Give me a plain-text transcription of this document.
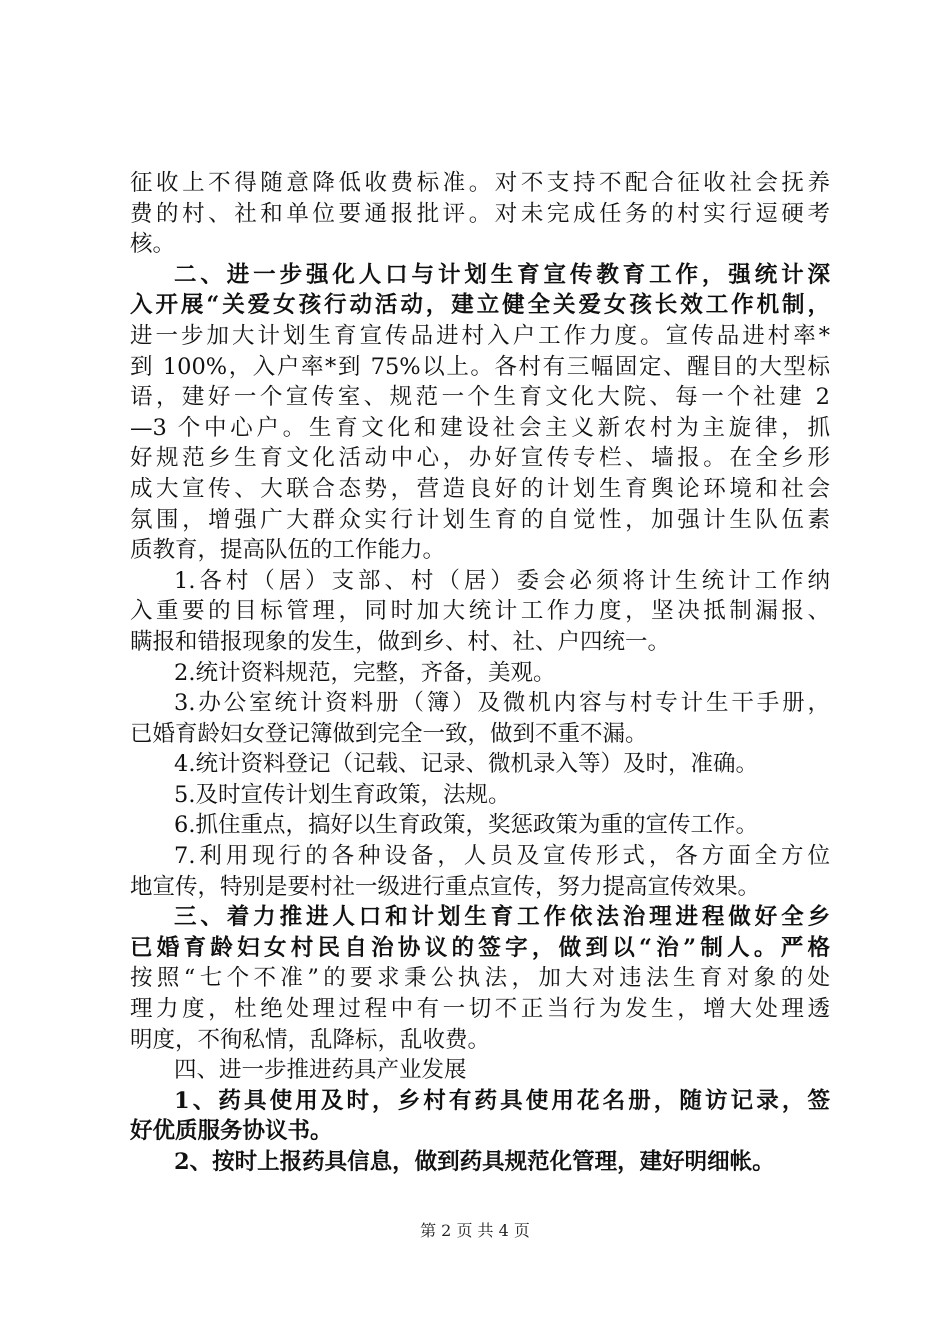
征收上不得随意降低收费标准。对不支持不配合征收社会抚养
费的村、社和单位要通报批评。对未完成任务的村实行逗硬考
核。
二、进一步强化人口与计划生育宣传教育工作，强统计深
入开展“关爱女孩行动活动，建立健全关爱女孩长效工作机制，
进一步加大计划生育宣传品进村入户工作力度。宣传品进村率*
到 100%，入户率*到 75%以上。各村有三幅固定、醒目的大型标
语，建好一个宣传室、规范一个生育文化大院、每一个社建 2
—3 个中心户。生育文化和建设社会主义新农村为主旋律，抓
好规范乡生育文化活动中心，办好宣传专栏、墙报。在全乡形
成大宣传、大联合态势，营造良好的计划生育舆论环境和社会
氛围，增强广大群众实行计划生育的自觉性，加强计生队伍素
质教育，提高队伍的工作能力。
1.各村（居）支部、村（居）委会必须将计生统计工作纳
入重要的目标管理，同时加大统计工作力度，坚决抵制漏报、
瞒报和错报现象的发生，做到乡、村、社、户四统一。
2.统计资料规范，完整，齐备，美观。
3.办公室统计资料册（簿）及微机内容与村专计生干手册，
已婚育龄妇女登记簿做到完全一致，做到不重不漏。
4.统计资料登记（记载、记录、微机录入等）及时，准确。
5.及时宣传计划生育政策，法规。
6.抓住重点，搞好以生育政策，奖惩政策为重的宣传工作。
7.利用现行的各种设备，人员及宣传形式，各方面全方位
地宣传，特别是要村社一级进行重点宣传，努力提高宣传效果。
三、着力推进人口和计划生育工作依法治理进程做好全乡
已婚育龄妇女村民自治协议的签字，做到以“治”制人。严格
按照“七个不准”的要求秉公执法，加大对违法生育对象的处
理力度，杜绝处理过程中有一切不正当行为发生，增大处理透
明度，不徇私情，乱降标，乱收费。
四、进一步推进药具产业发展
1、药具使用及时，乡村有药具使用花名册，随访记录，签
好优质服务协议书。
2、按时上报药具信息，做到药具规范化管理，建好明细帐。
第 2 页 共 4 页
